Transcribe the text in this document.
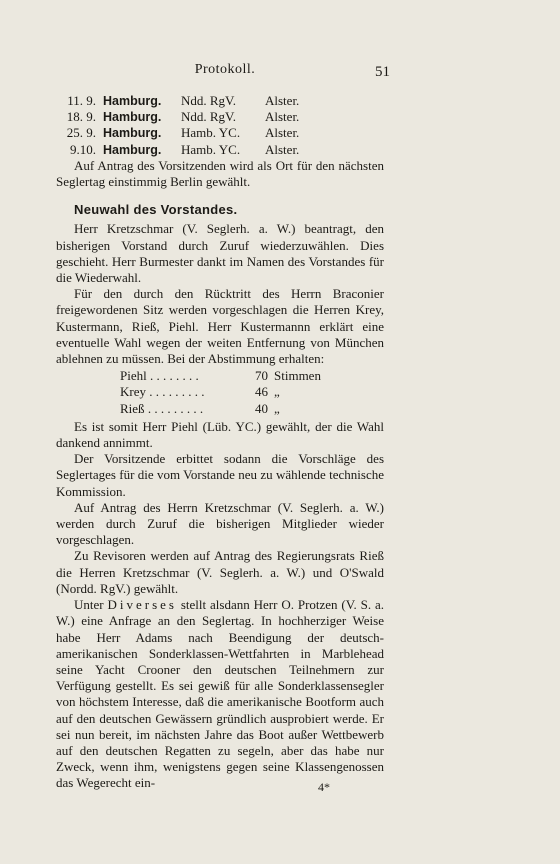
Protokoll.	51
11. 9. Hamburg.	Ndd. RgV.	Alster.
18. 9. Hamburg.	Ndd. RgV.	Alster.
25. 9. Hamburg.	Hamb. YC.	Alster.
9.10. Hamburg.	Hamb. YC.	Alster.

Auf Antrag des Vorsitzenden wird als Ort für den nächsten Seglertag einstimmig Berlin gewählt.

Neuwahl des Vorstandes.

Herr Kretzschmar (V. Seglerh. a. W.) beantragt, den bisherigen Vorstand durch Zuruf wiederzuwählen. Dies geschieht. Herr Burmester dankt im Namen des Vorstandes für die Wiederwahl.

Für den durch den Rücktritt des Herrn Braconier freigewordenen Sitz werden vorgeschlagen die Herren Krey, Kustermann, Rieß, Piehl. Herr Kustermannn erklärt eine eventuelle Wahl wegen der weiten Entfernung von München ablehnen zu müssen. Bei der Abstimmung erhalten:

Piehl . . . . . . . .	70 Stimmen
Krey . . . . . . . . .	46 „
Rieß . . . . . . . . .	40 „

Es ist somit Herr Piehl (Lüb. YC.) gewählt, der die Wahl dankend annimmt.

Der Vorsitzende erbittet sodann die Vorschläge des Seglertages für die vom Vorstande neu zu wählende technische Kommission.

Auf Antrag des Herrn Kretzschmar (V. Seglerh. a. W.) werden durch Zuruf die bisherigen Mitglieder wieder vorgeschlagen.

Zu Revisoren werden auf Antrag des Regierungsrats Rieß die Herren Kretzschmar (V. Seglerh. a. W.) und O'Swald (Nordd. RgV.) gewählt.

Unter Diverses stellt alsdann Herr O. Protzen (V. S. a. W.) eine Anfrage an den Seglertag. In hochherziger Weise habe Herr Adams nach Beendigung der deutsch-amerikanischen Sonderklassen-Wettfahrten in Marblehead seine Yacht Crooner den deutschen Teilnehmern zur Verfügung gestellt. Es sei gewiß für alle Sonderklassensegler von höchstem Interesse, daß die amerikanische Bootform auch auf den deutschen Gewässern gründlich ausprobiert werde. Er sei nun bereit, im nächsten Jahre das Boot außer Wettbewerb auf den deutschen Regatten zu segeln, aber das habe nur Zweck, wenn ihm, wenigstens gegen seine Klassengenossen das Wegerecht ein-	4*
